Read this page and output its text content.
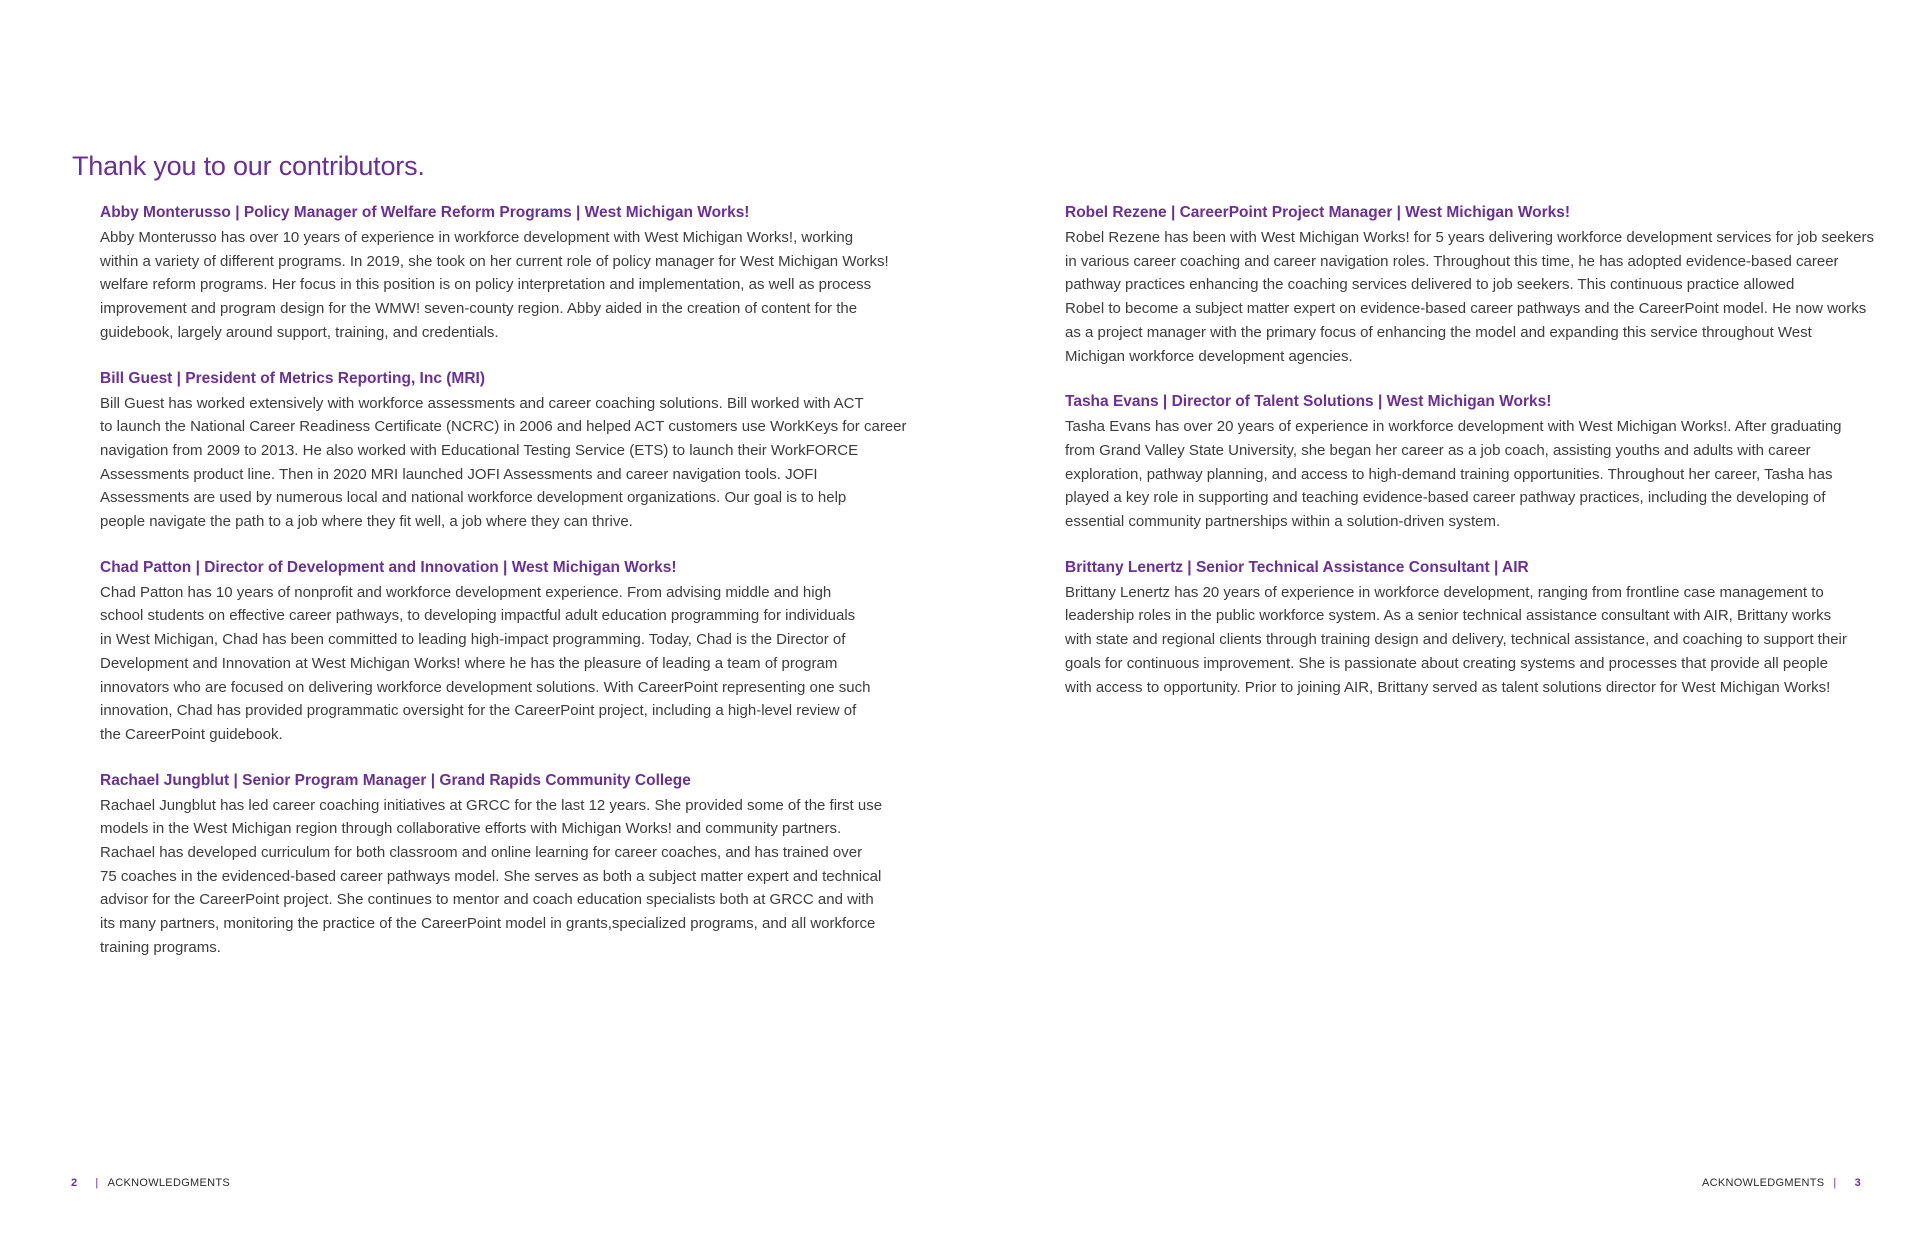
Thank you to our contributors.

Abby Monterusso | Policy Manager of Welfare Reform Programs | West Michigan Works!

Abby Monterusso has over 10 years of experience in workforce development with West Michigan Works!, working
within a variety of different programs. In 2019, she took on her current role of policy manager for West Michigan Works!
welfare reform programs. Her focus in this position is on policy interpretation and implementation, as well as process
improvement and program design for the WMW! seven-county region. Abby aided in the creation of content for the
guidebook, largely around support, training, and credentials.

Bill Guest | President of Metrics Reporting, Inc (MRI)

Bill Guest has worked extensively with workforce assessments and career coaching solutions. Bill worked with ACT
to launch the National Career Readiness Certificate (NCRC) in 2006 and helped ACT customers use WorkKeys for career
navigation from 2009 to 2013. He also worked with Educational Testing Service (ETS) to launch their WorkFORCE
Assessments product line. Then in 2020 MRI launched JOFI Assessments and career navigation tools. JOFI
Assessments are used by numerous local and national workforce development organizations. Our goal is to help
people navigate the path to a job where they fit well, a job where they can thrive.

Chad Patton | Director of Development and Innovation | West Michigan Works!

Chad Patton has 10 years of nonprofit and workforce development experience. From advising middle and high
school students on effective career pathways, to developing impactful adult education programming for individuals
in West Michigan, Chad has been committed to leading high-impact programming. Today, Chad is the Director of
Development and Innovation at West Michigan Works! where he has the pleasure of leading a team of program
innovators who are focused on delivering workforce development solutions. With CareerPoint representing one such
innovation, Chad has provided programmatic oversight for the CareerPoint project, including a high-level review of
the CareerPoint guidebook.

Rachael Jungblut | Senior Program Manager | Grand Rapids Community College

Rachael Jungblut has led career coaching initiatives at GRCC for the last 12 years. She provided some of the first use
models in the West Michigan region through collaborative efforts with Michigan Works! and community partners.
Rachael has developed curriculum for both classroom and online learning for career coaches, and has trained over
75 coaches in the evidenced-based career pathways model. She serves as both a subject matter expert and technical
advisor for the CareerPoint project. She continues to mentor and coach education specialists both at GRCC and with
its many partners, monitoring the practice of the CareerPoint model in grants,specialized programs, and all workforce
training programs.

Robel Rezene | CareerPoint Project Manager | West Michigan Works!

Robel Rezene has been with West Michigan Works! for 5 years delivering workforce development services for job seekers
in various career coaching and career navigation roles. Throughout this time, he has adopted evidence-based career
pathway practices enhancing the coaching services delivered to job seekers. This continuous practice allowed
Robel to become a subject matter expert on evidence-based career pathways and the CareerPoint model. He now works
as a project manager with the primary focus of enhancing the model and expanding this service throughout West
Michigan workforce development agencies.

Tasha Evans | Director of Talent Solutions | West Michigan Works!

Tasha Evans has over 20 years of experience in workforce development with West Michigan Works!. After graduating
from Grand Valley State University, she began her career as a job coach, assisting youths and adults with career
exploration, pathway planning, and access to high-demand training opportunities. Throughout her career, Tasha has
played a key role in supporting and teaching evidence-based career pathway practices, including the developing of
essential community partnerships within a solution-driven system.

Brittany Lenertz | Senior Technical Assistance Consultant | AIR

Brittany Lenertz has 20 years of experience in workforce development, ranging from frontline case management to
leadership roles in the public workforce system. As a senior technical assistance consultant with AIR, Brittany works
with state and regional clients through training design and delivery, technical assistance, and coaching to support their
goals for continuous improvement. She is passionate about creating systems and processes that provide all people
with access to opportunity. Prior to joining AIR, Brittany served as talent solutions director for West Michigan Works!

2 | ACKNOWLEDGMENTS	ACKNOWLEDGMENTS | 3
